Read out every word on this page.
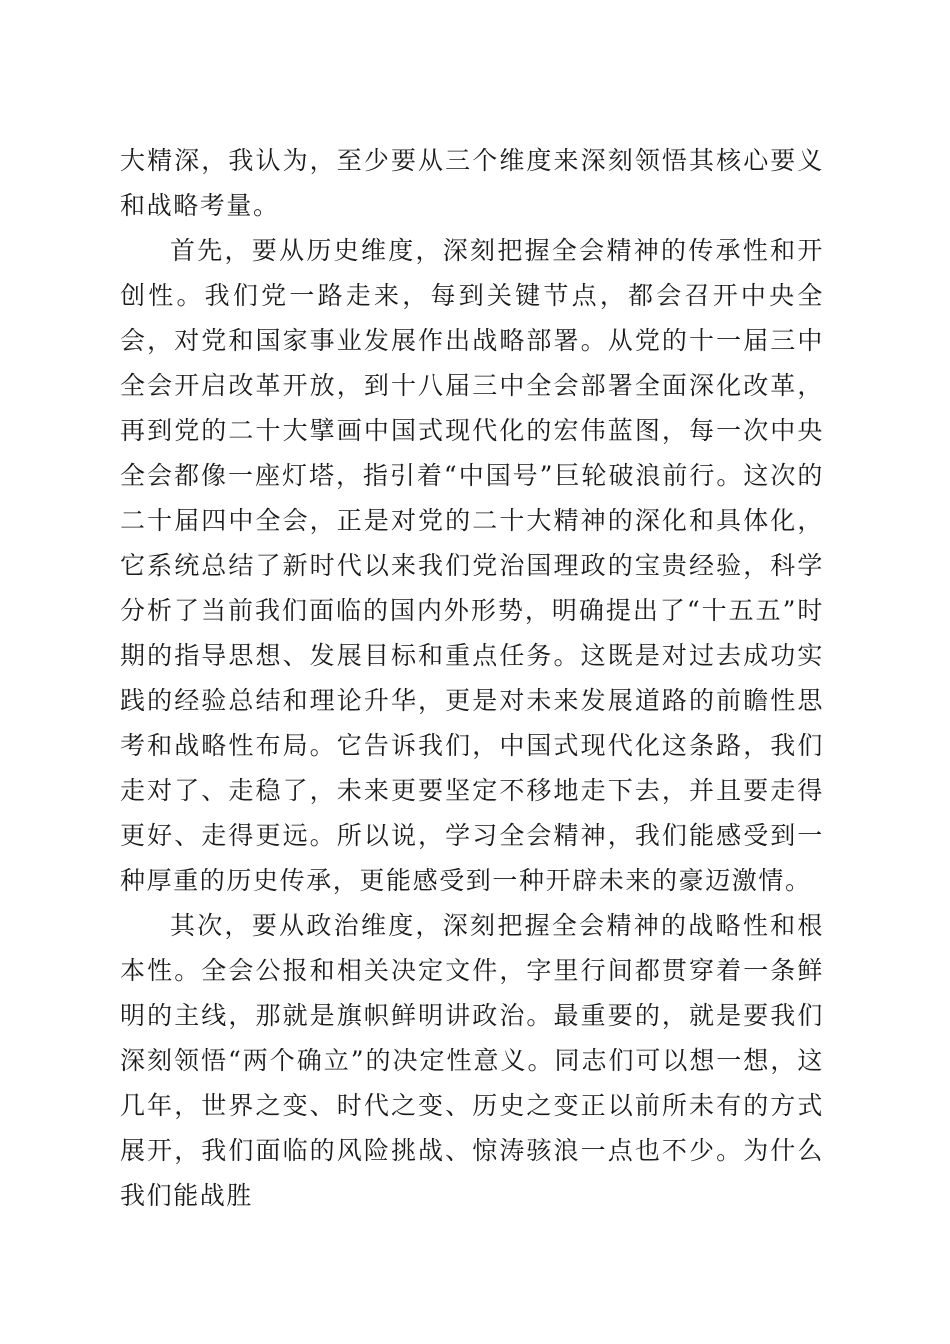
大精深，我认为，至少要从三个维度来深刻领悟其核心要义和战略考量。

首先，要从历史维度，深刻把握全会精神的传承性和开创性。我们党一路走来，每到关键节点，都会召开中央全会，对党和国家事业发展作出战略部署。从党的十一届三中全会开启改革开放，到十八届三中全会部署全面深化改革，再到党的二十大擘画中国式现代化的宏伟蓝图，每一次中央全会都像一座灯塔，指引着“中国号”巨轮破浪前行。这次的二十届四中全会，正是对党的二十大精神的深化和具体化，它系统总结了新时代以来我们党治国理政的宝贵经验，科学分析了当前我们面临的国内外形势，明确提出了“十五五”时期的指导思想、发展目标和重点任务。这既是对过去成功实践的经验总结和理论升华，更是对未来发展道路的前瞻性思考和战略性布局。它告诉我们，中国式现代化这条路，我们走对了、走稳了，未来更要坚定不移地走下去，并且要走得更好、走得更远。所以说，学习全会精神，我们能感受到一种厚重的历史传承，更能感受到一种开辟未来的豪迈激情。

其次，要从政治维度，深刻把握全会精神的战略性和根本性。全会公报和相关决定文件，字里行间都贯穿着一条鲜明的主线，那就是旗帜鲜明讲政治。最重要的，就是要我们深刻领悟“两个确立”的决定性意义。同志们可以想一想，这几年，世界之变、时代之变、历史之变正以前所未有的方式展开，我们面临的风险挑战、惊涛骇浪一点也不少。为什么我们能战胜
